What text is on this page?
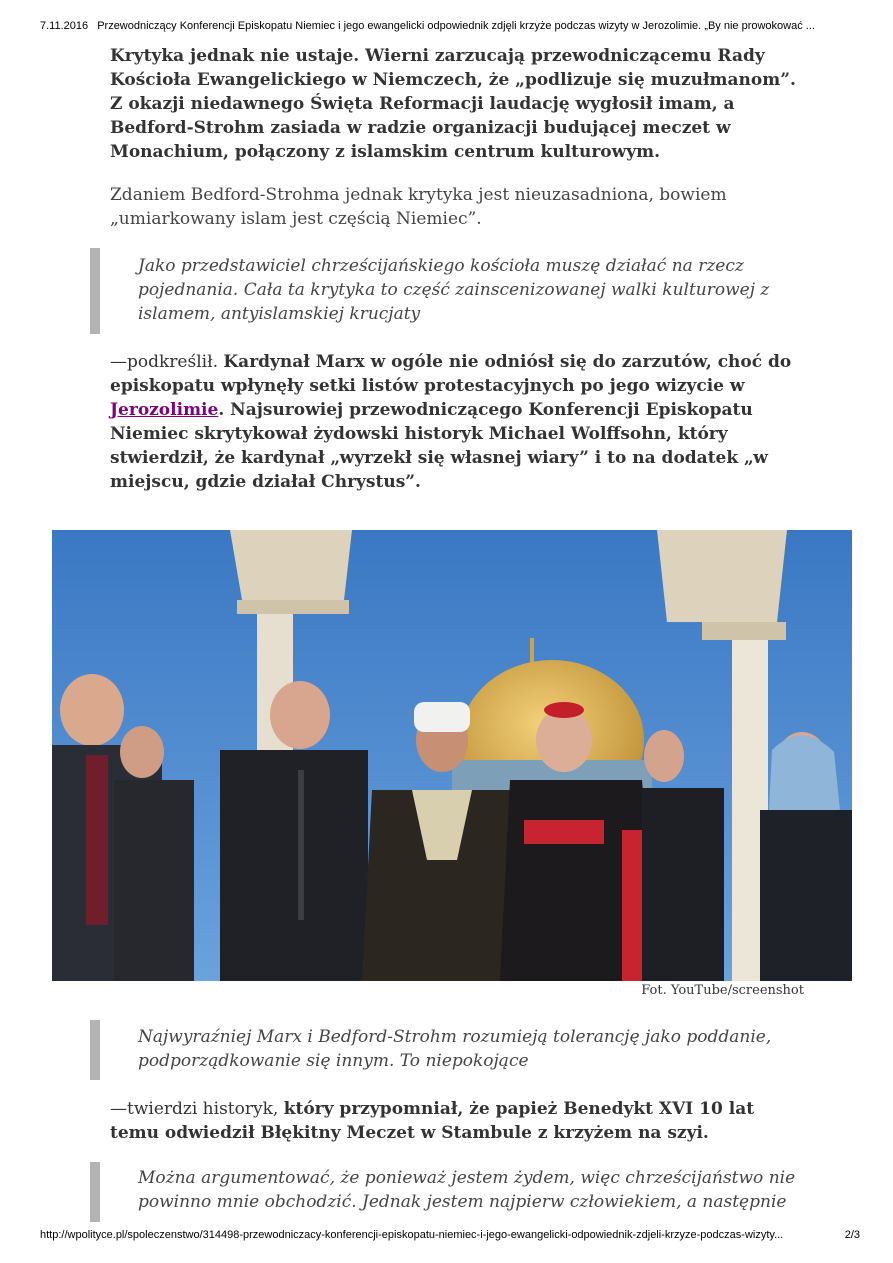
7.11.2016 Przewodniczący Konferencji Episkopatu Niemiec i jego ewangelicki odpowiednik zdjęli krzyże podczas wizyty w Jerozolimie. „By nie prowokować ...

Krytyka jednak nie ustaje. Wierni zarzucają przewodniczącemu Rady Kościoła Ewangelickiego w Niemczech, że „podlizuje się muzułmanom”. Z okazji niedawnego Święta Reformacji laudację wygłosił imam, a Bedford-Strohm zasiada w radzie organizacji budującej meczet w Monachium, połączony z islamskim centrum kulturowym.

Zdaniem Bedford-Strohma jednak krytyka jest nieuzasadniona, bowiem „umiarkowany islam jest częścią Niemiec”.

Jako przedstawiciel chrześcijańskiego kościoła muszę działać na rzecz pojednania. Cała ta krytyka to część zainscenizowanej walki kulturowej z islamem, antyislamskiej krucjaty

—podkreślił. Kardynał Marx w ogóle nie odniósł się do zarzutów, choć do episkopatu wpłynęły setki listów protestacyjnych po jego wizycie w Jerozolimie. Najsurowiej przewodniczącego Konferencji Episkopatu Niemiec skrytykował żydowski historyk Michael Wolffsohn, który stwierdził, że kardynał „wyrzekł się własnej wiary” i to na dodatek „w miejscu, gdzie działał Chrystus”.

Fot. YouTube/screenshot
Najwyraźniej Marx i Bedford-Strohm rozumieją tolerancję jako poddanie, podporządkowanie się innym. To niepokojące

—twierdzi historyk, który przypomniał, że papież Benedykt XVI 10 lat temu odwiedził Błękitny Meczet w Stambule z krzyżem na szyi.

Można argumentować, że ponieważ jestem żydem, więc chrześcijaństwo nie powinno mnie obchodzić. Jednak jestem najpierw człowiekiem, a następnie
http://wpolityce.pl/spoleczenstwo/314498-przewodniczacy-konferencji-episkopatu-niemiec-i-jego-ewangelicki-odpowiednik-zdjeli-krzyze-podczas-wizyty...	2/3
